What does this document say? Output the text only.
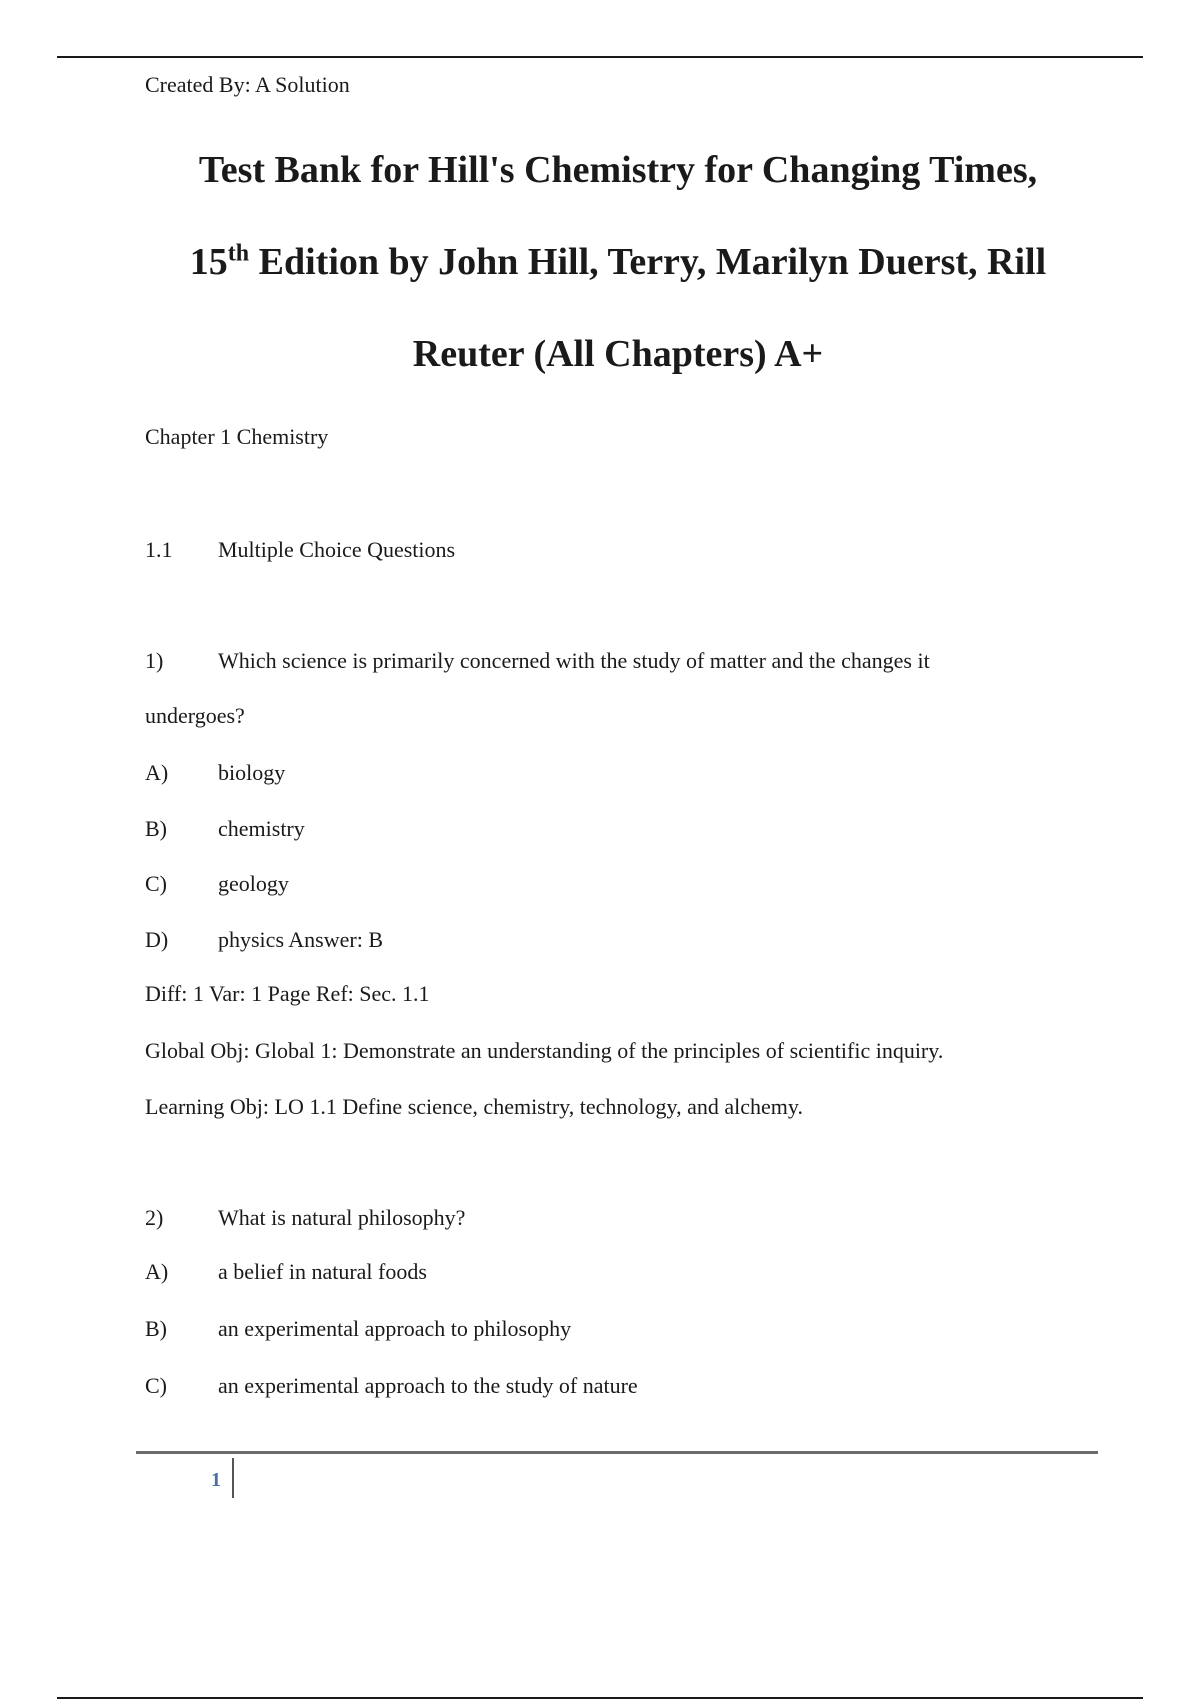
Created By: A Solution
Test Bank for Hill's Chemistry for Changing Times,
15th Edition by John Hill, Terry, Marilyn Duerst, Rill
Reuter (All Chapters) A+
Chapter 1 Chemistry
1.1 Multiple Choice Questions
1) Which science is primarily concerned with the study of matter and the changes it
undergoes?
A) biology
B) chemistry
C) geology
D) physics Answer: B
Diff: 1 Var: 1 Page Ref: Sec. 1.1
Global Obj: Global 1: Demonstrate an understanding of the principles of scientific inquiry.
Learning Obj: LO 1.1 Define science, chemistry, technology, and alchemy.
2) What is natural philosophy?
A) a belief in natural foods
B) an experimental approach to philosophy
C) an experimental approach to the study of nature
1
